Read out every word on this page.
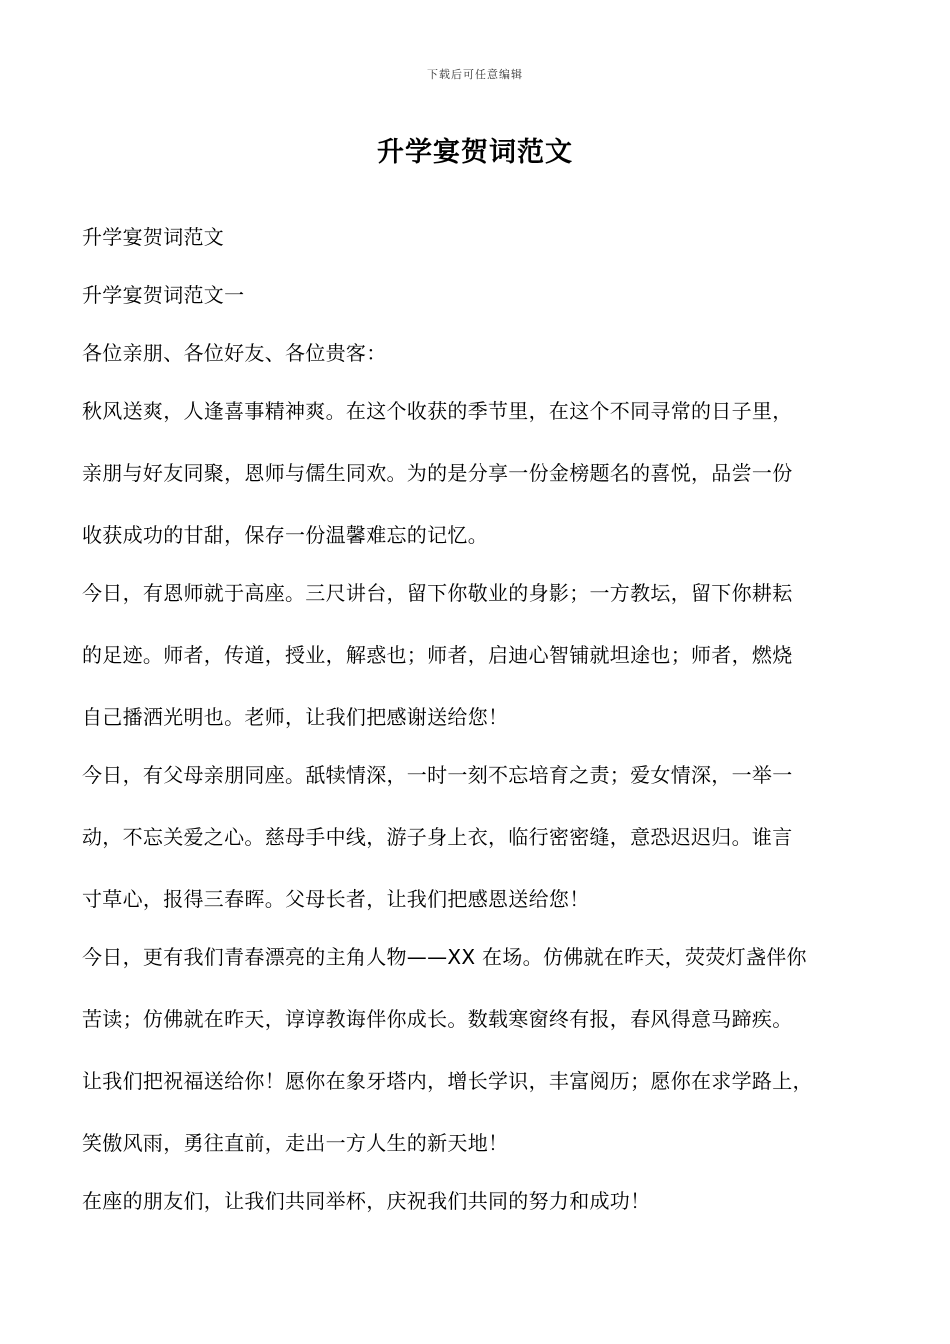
下载后可任意编辑
升学宴贺词范文

升学宴贺词范文

升学宴贺词范文一

各位亲朋、各位好友、各位贵客：

秋风送爽，人逢喜事精神爽。在这个收获的季节里，在这个不同寻常的日子里，

亲朋与好友同聚，恩师与儒生同欢。为的是分享一份金榜题名的喜悦，品尝一份

收获成功的甘甜，保存一份温馨难忘的记忆。

今日，有恩师就于高座。三尺讲台，留下你敬业的身影；一方教坛，留下你耕耘

的足迹。师者，传道，授业，解惑也；师者，启迪心智铺就坦途也；师者，燃烧

自己播洒光明也。老师，让我们把感谢送给您！

今日，有父母亲朋同座。舐犊情深，一时一刻不忘培育之责；爱女情深，一举一

动，不忘关爱之心。慈母手中线，游子身上衣，临行密密缝，意恐迟迟归。谁言

寸草心，报得三春晖。父母长者，让我们把感恩送给您！

今日，更有我们青春漂亮的主角人物——XX 在场。仿佛就在昨天，荧荧灯盏伴你

苦读；仿佛就在昨天，谆谆教诲伴你成长。数载寒窗终有报，春风得意马蹄疾。

让我们把祝福送给你！愿你在象牙塔内，增长学识，丰富阅历；愿你在求学路上，

笑傲风雨，勇往直前，走出一方人生的新天地！

在座的朋友们，让我们共同举杯，庆祝我们共同的努力和成功！
